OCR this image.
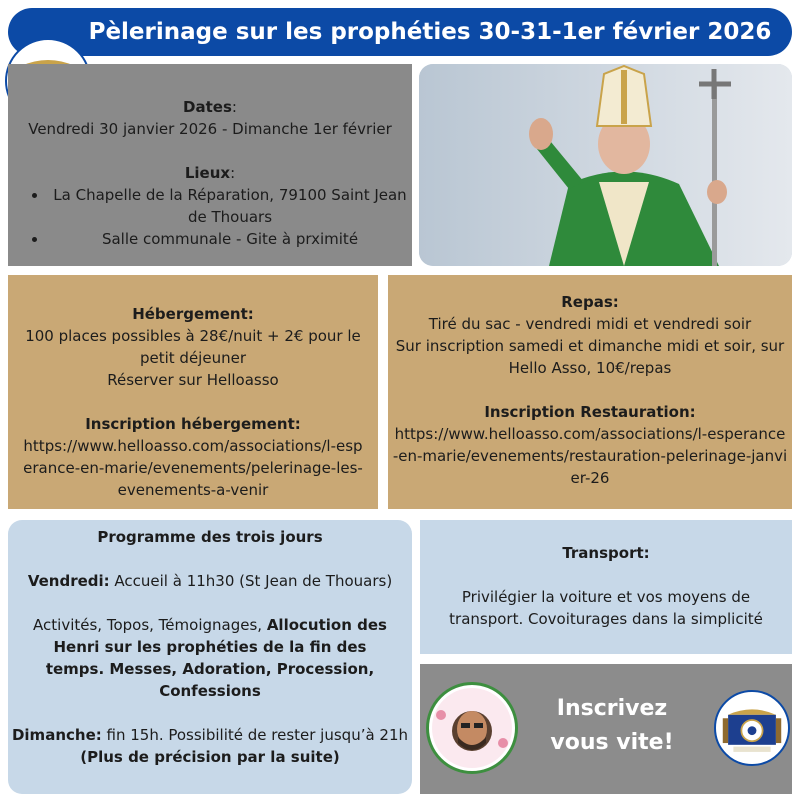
Pèlerinage sur les prophéties 30-31-1er février 2026

Dates:

Vendredi 30 janvier 2026 - Dimanche 1er février

Lieux:

• La Chapelle de la Réparation, 79100 Saint Jean de Thouars
• Salle communale - Gite à prximité

Hébergement:

100 places possibles à 28€/nuit + 2€ pour le petit déjeuner

Réserver sur Helloasso

Inscription hébergement:

https://www.helloasso.com/associations/l-esperance-en-marie/evenements/pelerinage-les-evenements-a-venir

Repas:

Tiré du sac - vendredi midi et vendredi soir

Sur inscription samedi et dimanche midi et soir, sur Hello Asso, 10€/repas

Inscription Restauration:

https://www.helloasso.com/associations/l-esperance-en-marie/evenements/restauration-pelerinage-janvier-26

Programme des trois jours

Vendredi: Accueil à 11h30 (St Jean de Thouars)

Activités, Topos, Témoignages, Allocution des Henri sur les prophéties de la fin des temps. Messes, Adoration, Procession, Confessions

Dimanche: fin 15h. Possibilité de rester jusqu’à 21h

(Plus de précision par la suite)

Transport:

Privilégier la voiture et vos moyens de transport. Covoiturages dans la simplicité

Inscrivez vous vite!
